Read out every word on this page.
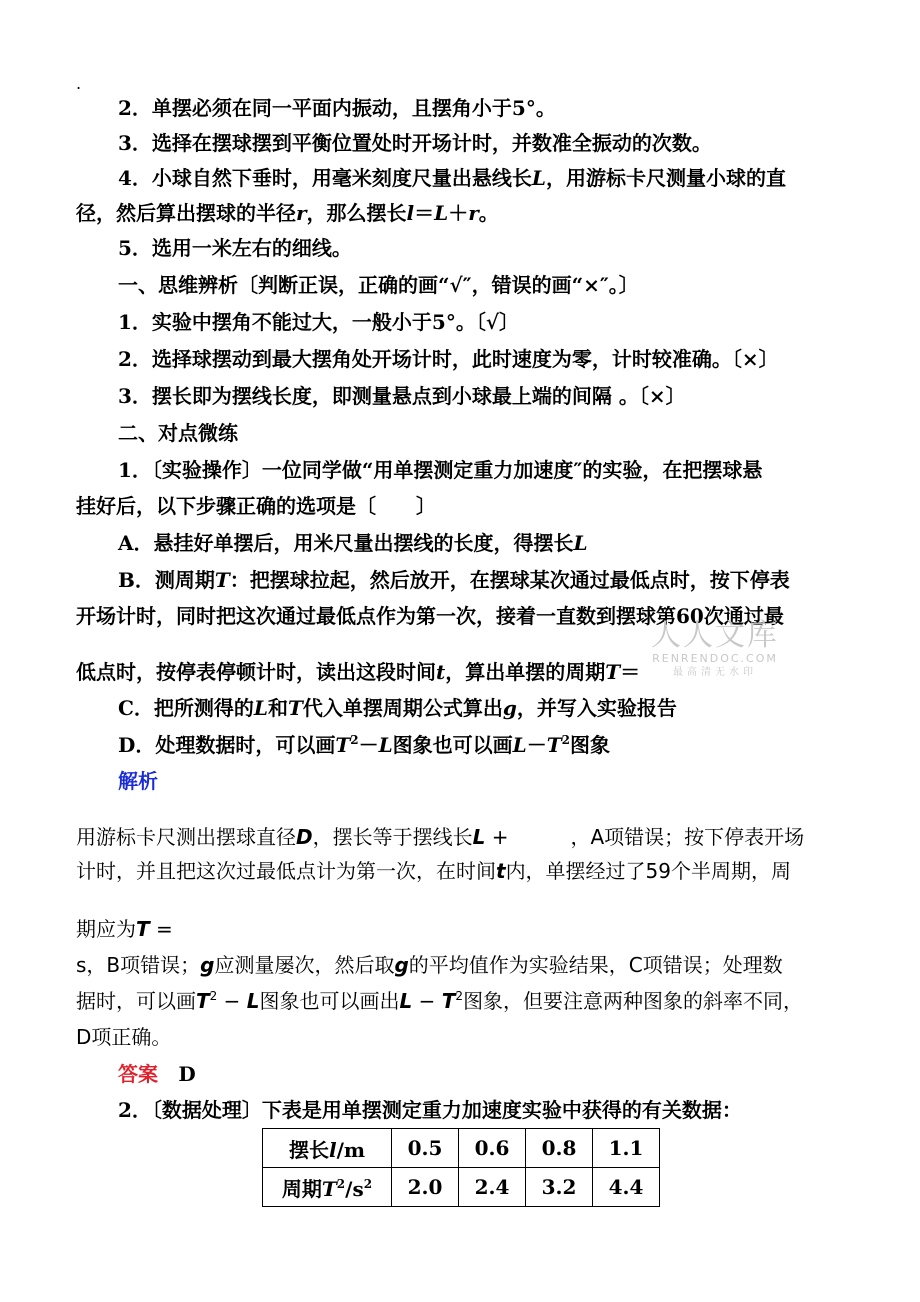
.
2．单摆必须在同一平面内振动，且摆角小于5°。
3．选择在摆球摆到平衡位置处时开场计时，并数准全振动的次数。
4．小球自然下垂时，用毫米刻度尺量出悬线长L，用游标卡尺测量小球的直
径，然后算出摆球的半径r，那么摆长l＝L＋r。
5．选用一米左右的细线。
一、思维辨析〔判断正误，正确的画“√″，错误的画“×″。〕
1．实验中摆角不能过大，一般小于5°。〔√〕
2．选择球摆动到最大摆角处开场计时，此时速度为零，计时较准确。〔×〕
3．摆长即为摆线长度，即测量悬点到小球最上端的间隔 。〔×〕
二、对点微练
1．〔实验操作〕一位同学做“用单摆测定重力加速度″的实验，在把摆球悬
挂好后，以下步骤正确的选项是〔　　〕
A．悬挂好单摆后，用米尺量出摆线的长度，得摆长L
B．测周期T：把摆球拉起，然后放开，在摆球某次通过最低点时，按下停表
开场计时，同时把这次通过最低点作为第一次，接着一直数到摆球第60次通过最
低点时，按停表停顿计时，读出这段时间t，算出单摆的周期T＝
C．把所测得的L和T代入单摆周期公式算出g，并写入实验报告
D．处理数据时，可以画$T^2-L$图象也可以画$L-T^2$图象
解析
用游标卡尺测出摆球直径D，摆长等于摆线长L +	，A项错误；按下停表开场
计时，并且把这次过最低点计为第一次，在时间t内，单摆经过了59个半周期，周
期应为T =
s，B项错误；g应测量屡次，然后取g的平均值作为实验结果，C项错误；处理数
据时，可以画$T^2 - L$图象也可以画出$L - T^2$图象，但要注意两种图象的斜率不同，
D项正确。
答案 D
2．〔数据处理〕下表是用单摆测定重力加速度实验中获得的有关数据：
摆长l/m	0.5	0.6	0.8	1.1
周期$T^2/s^2$	2.0	2.4	3.2	4.4
人人文库
RENRENDOC.COM
最高清无水印
